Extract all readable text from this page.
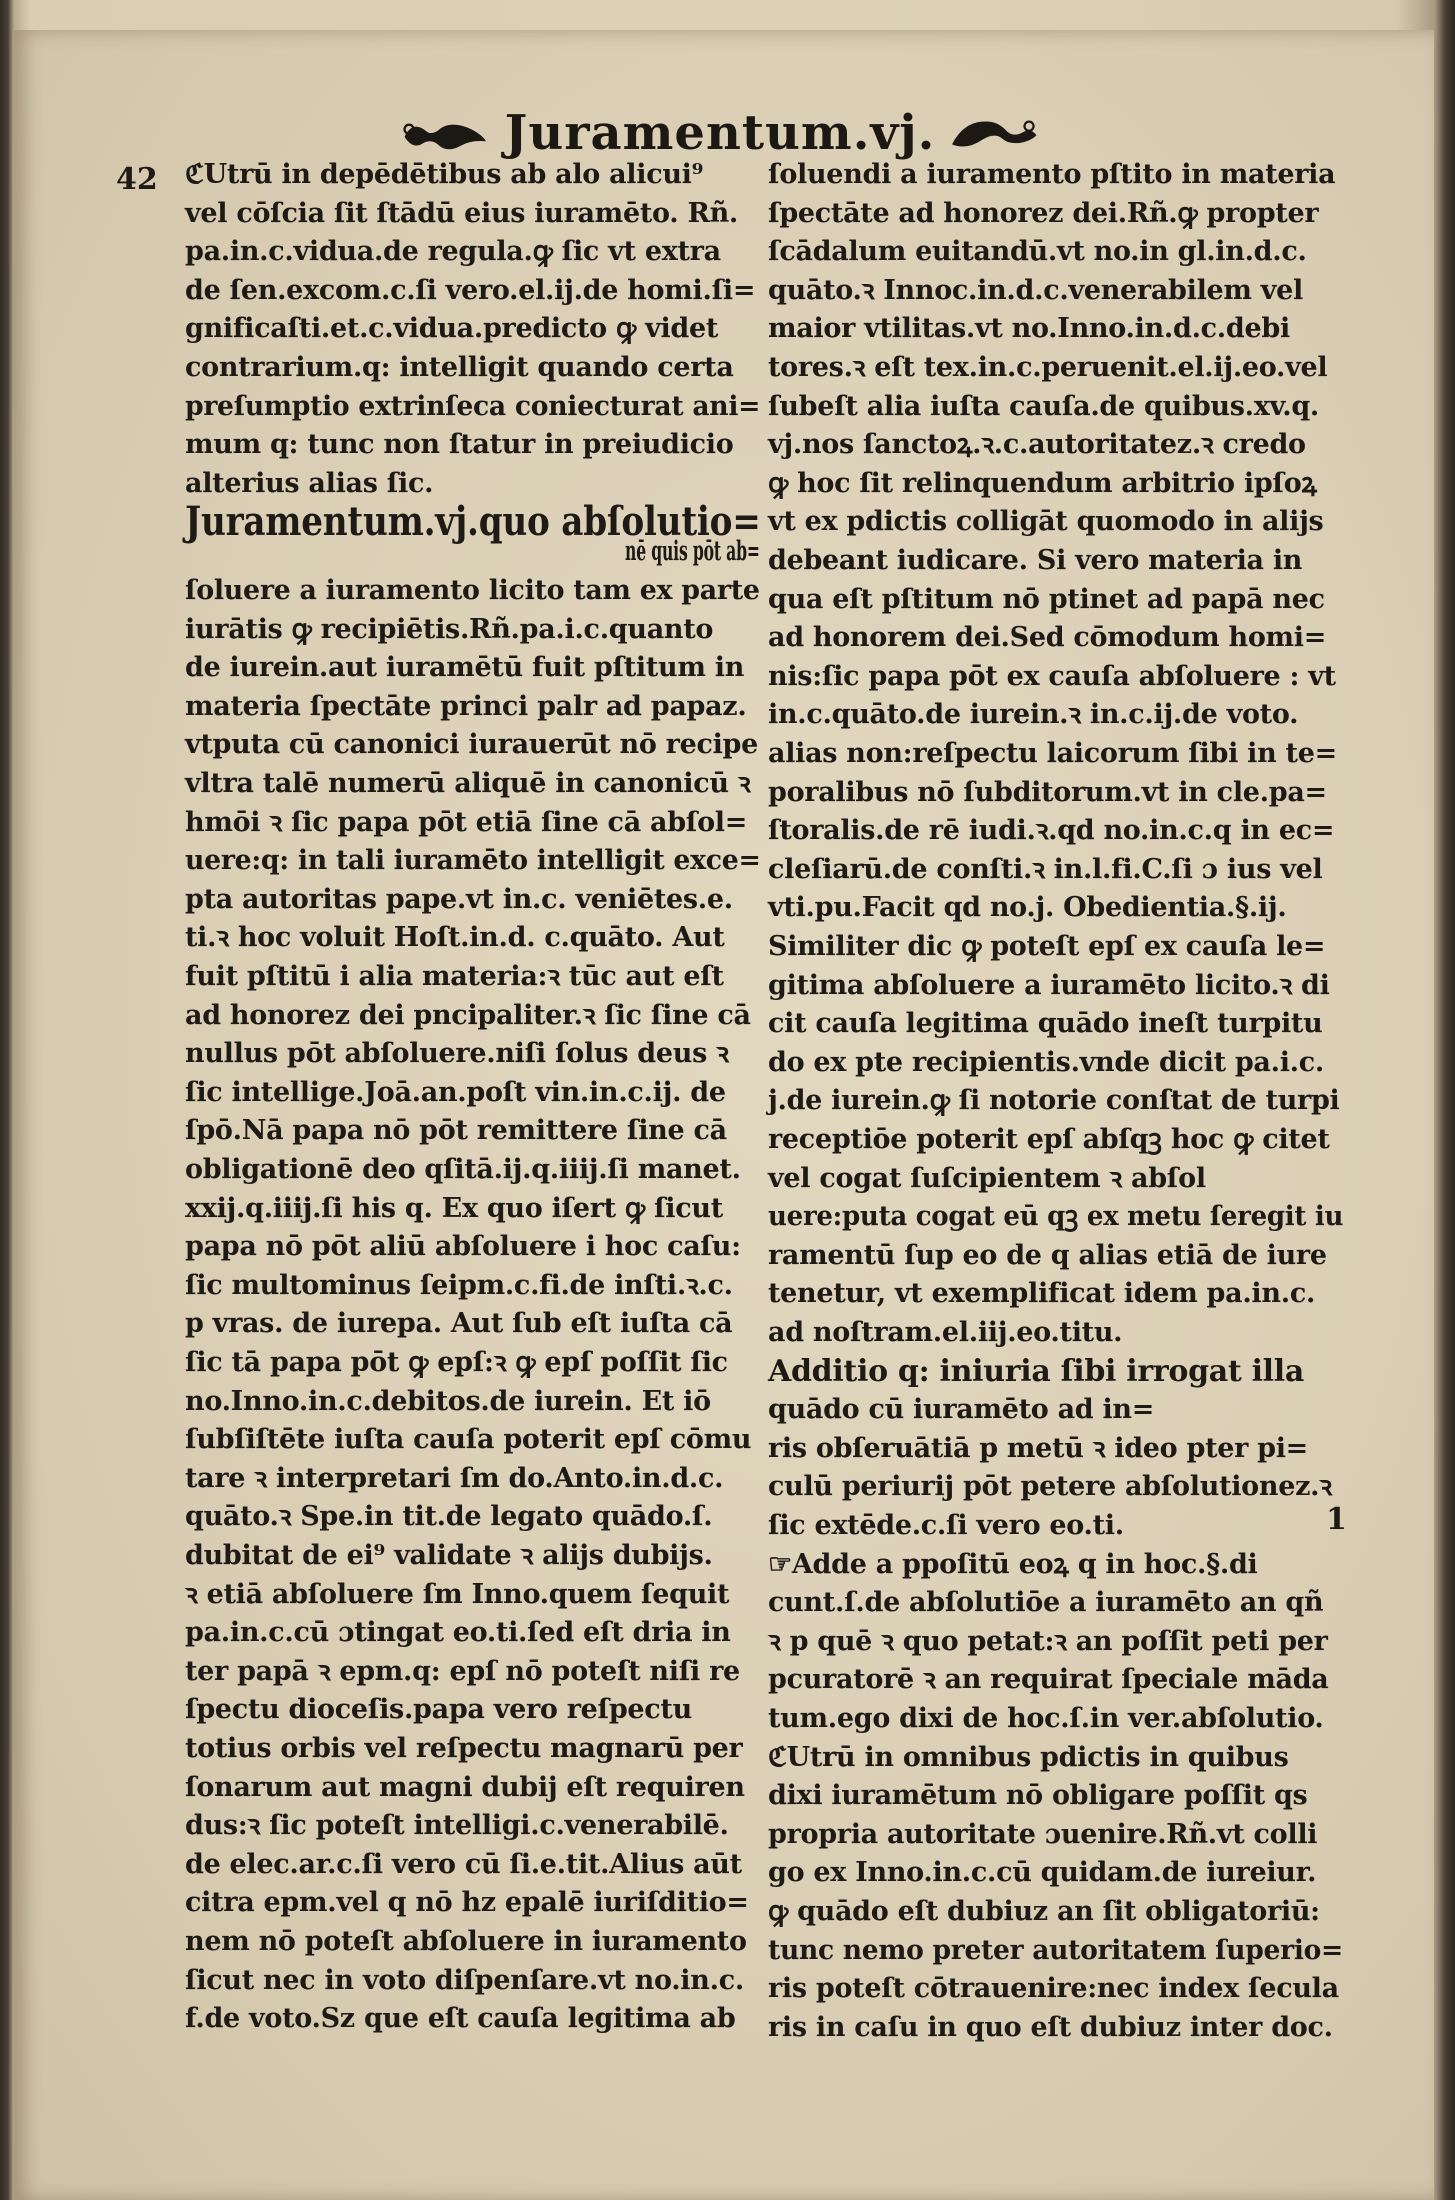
Juramentum.vj.
42
1
ℭUtrū in depēdētibus ab alo alicui⁹
vel cōſcia ſit ſtādū eius iuramēto. Rñ.
pa.in.c.vidua.de regula.ꝙ ſic vt extra
de ſen.excom.c.ſi vero.el.ij.de homi.ſi=
gnificaſti.et.c.vidua.predicto ꝙ videt
contrarium.q: intelligit quando certa
preſumptio extrinſeca coniecturat ani=
mum q: tunc non ſtatur in preiudicio
alterius alias ſic.
Juramentum.vj.quo abſolutio=
nē quis pōt ab=
ſoluere a iuramento licito tam ex parte
iurātis ꝙ recipiētis.Rñ.pa.i.c.quanto
de iurein.aut iuramētū fuit pſtitum in
materia ſpectāte princi palr ad papaz.
vtputa cū canonici iurauerūt nō recipe
vltra talē numerū aliquē in canonicū ꝛ
hmōi ꝛ ſic papa pōt etiā ſine cā abſol=
uere:q: in tali iuramēto intelligit exce=
pta autoritas pape.vt in.c. veniētes.e.
ti.ꝛ hoc voluit Hoſt.in.d. c.quāto. Aut
fuit pſtitū i alia materia:ꝛ tūc aut eſt
ad honorez dei pncipaliter.ꝛ ſic ſine cā
nullus pōt abſoluere.niſi ſolus deus ꝛ
ſic intellige.Joā.an.poſt vin.in.c.ij. de
ſpō.Nā papa nō pōt remittere ſine cā
obligationē deo qſitā.ij.q.iiij.ſi manet.
xxij.q.iiij.ſi his q. Ex quo iſert ꝙ ſicut
papa nō pōt aliū abſoluere i hoc caſu:
ſic multominus ſeipm.c.fi.de inſti.ꝛ.c.
p vras. de iurepa. Aut ſub eſt iuſta cā
ſic tā papa pōt ꝙ epſ:ꝛ ꝙ epſ poſſit ſic
no.Inno.in.c.debitos.de iurein. Et iō
ſubſiſtēte iuſta cauſa poterit epſ cōmu
tare ꝛ interpretari ſm do.Anto.in.d.c.
quāto.ꝛ Spe.in tit.de legato quādo.ſ.
dubitat de ei⁹ validate ꝛ alijs dubijs.
ꝛ etiā abſoluere ſm Inno.quem ſequit
pa.in.c.cū ɔtingat eo.ti.ſed eſt dria in
ter papā ꝛ epm.q: epſ nō poteſt niſi re
ſpectu dioceſis.papa vero reſpectu
totius orbis vel reſpectu magnarū per
ſonarum aut magni dubij eſt requiren
dus:ꝛ ſic poteſt intelligi.c.venerabilē.
de elec.ar.c.ſi vero cū ſi.e.tit.Alius aūt
citra epm.vel q nō hz epalē iuriſditio=
nem nō poteſt abſoluere in iuramento
ſicut nec in voto diſpenſare.vt no.in.c.
f.de voto.Sz que eſt cauſa legitima ab
ſoluendi a iuramento pſtito in materia
ſpectāte ad honorez dei.Rñ.ꝙ propter
ſcādalum euitandū.vt no.in gl.in.d.c.
quāto.ꝛ Innoc.in.d.c.venerabilem vel
maior vtilitas.vt no.Inno.in.d.c.debi
tores.ꝛ eſt tex.in.c.peruenit.el.ij.eo.vel
ſubeſt alia iuſta cauſa.de quibus.xv.q.
vj.nos ſanctoꝝ.ꝛ.c.autoritatez.ꝛ credo
ꝙ hoc ſit relinquendum arbitrio ipſoꝝ
vt ex pdictis colligāt quomodo in alijs
debeant iudicare. Si vero materia in
qua eſt pſtitum nō ptinet ad papā nec
ad honorem dei.Sed cōmodum homi=
nis:ſic papa pōt ex cauſa abſoluere : vt
in.c.quāto.de iurein.ꝛ in.c.ij.de voto.
alias non:reſpectu laicorum ſibi in te=
poralibus nō ſubditorum.vt in cle.pa=
ſtoralis.de rē iudi.ꝛ.qd no.in.c.q in ec=
cleſiarū.de conſti.ꝛ in.l.fi.C.ſi ɔ ius vel
vti.pu.Facit qd no.j. Obedientia.§.ij.
Similiter dic ꝙ poteſt epſ ex cauſa le=
gitima abſoluere a iuramēto licito.ꝛ di
cit cauſa legitima quādo ineſt turpitu
do ex pte recipientis.vnde dicit pa.i.c.
j.de iurein.ꝙ ſi notorie conſtat de turpi
receptiōe poterit epſ abſqꝫ hoc ꝙ citet
vel cogat ſuſcipientem ꝛ abſol
uere:puta cogat eū qꝫ ex metu ſeregit iu
ramentū ſup eo de q alias etiā de iure
tenetur, vt exemplificat idem pa.in.c.
ad noſtram.el.iij.eo.titu.
Additio q: iniuria ſibi irrogat illa
quādo cū iuramēto ad in=
ris obſeruātiā p metū ꝛ ideo pter pi=
culū periurij pōt petere abſolutionez.ꝛ
ſic extēde.c.ſi vero eo.ti.
☞Adde a ppoſitū eoꝝ q in hoc.§.di
cunt.ſ.de abſolutiōe a iuramēto an qñ
ꝛ p quē ꝛ quo petat:ꝛ an poſſit peti per
pcuratorē ꝛ an requirat ſpeciale māda
tum.ego dixi de hoc.ſ.in ver.abſolutio.
ℭUtrū in omnibus pdictis in quibus
dixi iuramētum nō obligare poſſit qs
propria autoritate ɔuenire.Rñ.vt colli
go ex Inno.in.c.cū quidam.de iureiur.
ꝙ quādo eſt dubiuz an ſit obligatoriū:
tunc nemo preter autoritatem ſuperio=
ris poteſt cōtrauenire:nec index ſecula
ris in caſu in quo eſt dubiuz inter doc.
